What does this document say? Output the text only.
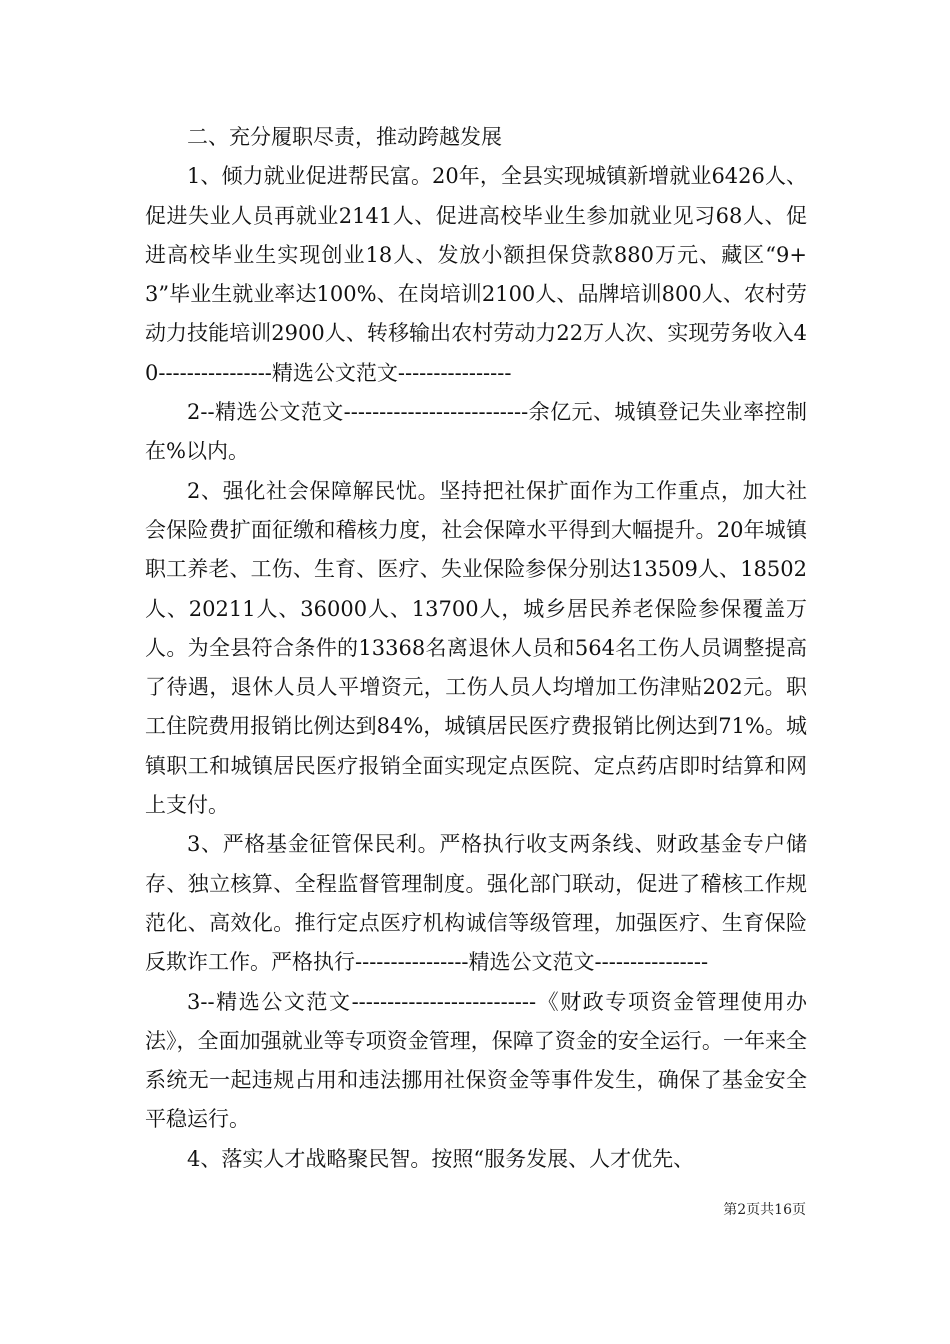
二、充分履职尽责，推动跨越发展

1、倾力就业促进帮民富。20年，全县实现城镇新增就业6426人、促进失业人员再就业2141人、促进高校毕业生参加就业见习68人、促进高校毕业生实现创业18人、发放小额担保贷款880万元、藏区“9+3”毕业生就业率达100%、在岗培训2100人、品牌培训800人、农村劳动力技能培训2900人、转移输出农村劳动力22万人次、实现劳务收入40----------------精选公文范文----------------

2--精选公文范文--------------------------余亿元、城镇登记失业率控制在%以内。

2、强化社会保障解民忧。坚持把社保扩面作为工作重点，加大社会保险费扩面征缴和稽核力度，社会保障水平得到大幅提升。20年城镇职工养老、工伤、生育、医疗、失业保险参保分别达13509人、18502人、20211人、36000人、13700人，城乡居民养老保险参保覆盖万人。为全县符合条件的13368名离退休人员和564名工伤人员调整提高了待遇，退休人员人平增资元，工伤人员人均增加工伤津贴202元。职工住院费用报销比例达到84%，城镇居民医疗费报销比例达到71%。城镇职工和城镇居民医疗报销全面实现定点医院、定点药店即时结算和网上支付。

3、严格基金征管保民利。严格执行收支两条线、财政基金专户储存、独立核算、全程监督管理制度。强化部门联动，促进了稽核工作规范化、高效化。推行定点医疗机构诚信等级管理，加强医疗、生育保险反欺诈工作。严格执行----------------精选公文范文----------------

3--精选公文范文--------------------------《财政专项资金管理使用办法》，全面加强就业等专项资金管理，保障了资金的安全运行。一年来全系统无一起违规占用和违法挪用社保资金等事件发生，确保了基金安全平稳运行。

4、落实人才战略聚民智。按照“服务发展、人才优先、

第2页共16页
